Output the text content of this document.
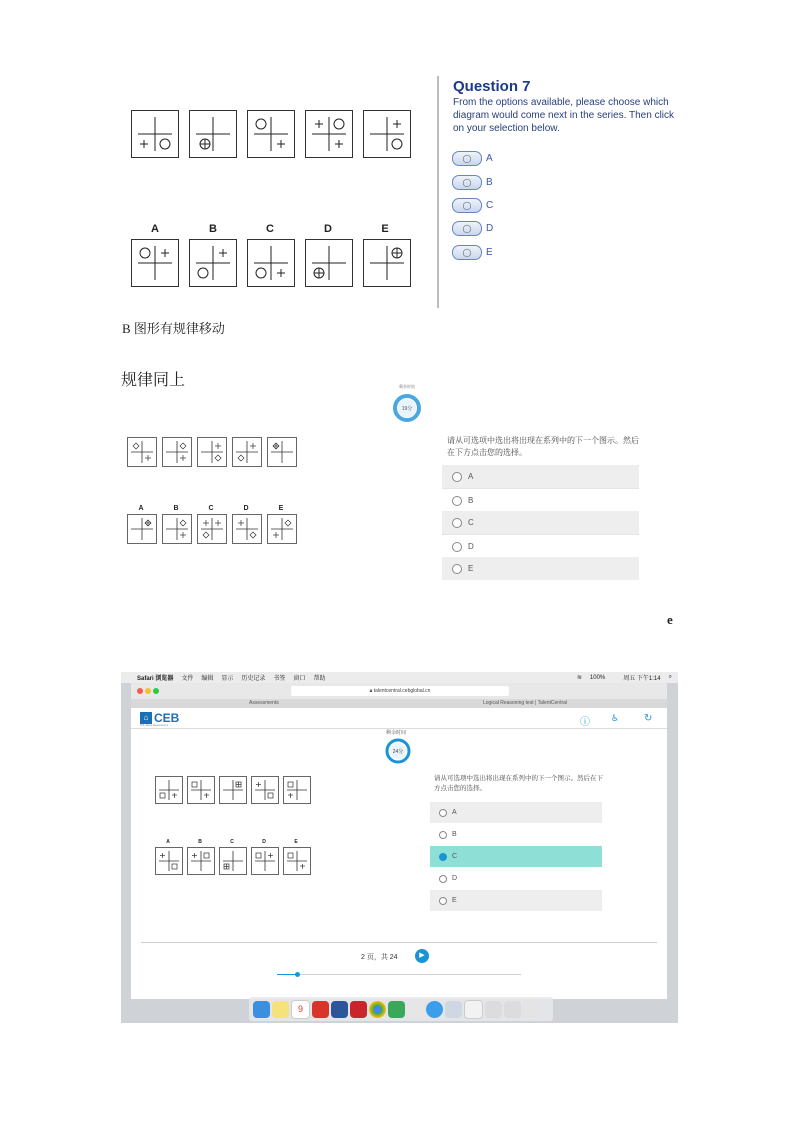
A	B	C	D	E
Question 7
From the options available, please choose which diagram would come next in the series. Then click on your selection below.
◯ A
◯ B
◯ C
◯ D
◯ E
B 图形有规律移动
规律同上	剩余时间
19分
A	B	C	D	E
请从可选项中选出将出现在系列中的下一个图示。然后在下方点击您的选择。
A
B
C
D
E
e
Safari 浏览器 文件 编辑 显示 历史记录 书签 窗口 帮助	≋ 100%	周五 下午1:14 ⌕
🔒︎ talentcentral.cebglobal.cn
Assessments	Logical Reasoning test | TalentCentral
⌂ CEB
SHL Talent Measurement	ⓘ ♿︎ ↻
剩余时间
24分
A	B	C	D	E
请从可选项中选出将出现在系列中的下一个图示。然后在下方点击您的选择。
A
B
C
D
E
2 页，共 24	▶
9
